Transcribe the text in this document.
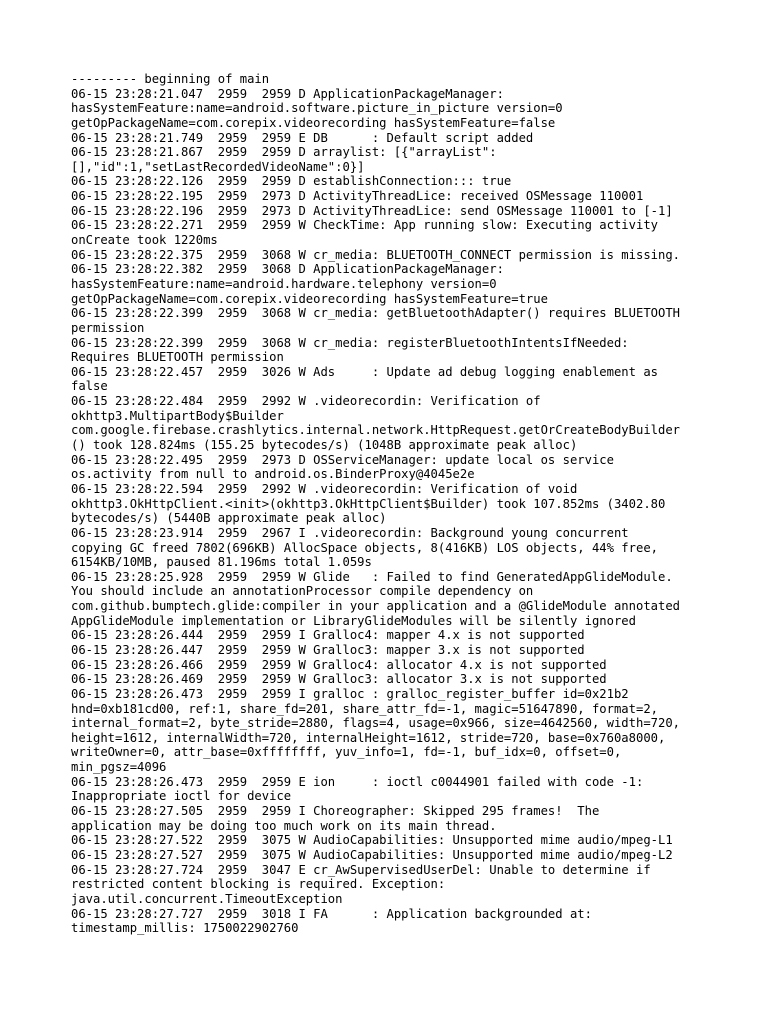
--------- beginning of main
06-15 23:28:21.047  2959  2959 D ApplicationPackageManager:
hasSystemFeature:name=android.software.picture_in_picture version=0
getOpPackageName=com.corepix.videorecording hasSystemFeature=false
06-15 23:28:21.749  2959  2959 E DB      : Default script added
06-15 23:28:21.867  2959  2959 D arraylist: [{"arrayList":
[],"id":1,"setLastRecordedVideoName":0}]
06-15 23:28:22.126  2959  2959 D establishConnection::: true
06-15 23:28:22.195  2959  2973 D ActivityThreadLice: received OSMessage 110001
06-15 23:28:22.196  2959  2973 D ActivityThreadLice: send OSMessage 110001 to [-1]
06-15 23:28:22.271  2959  2959 W CheckTime: App running slow: Executing activity
onCreate took 1220ms
06-15 23:28:22.375  2959  3068 W cr_media: BLUETOOTH_CONNECT permission is missing.
06-15 23:28:22.382  2959  3068 D ApplicationPackageManager:
hasSystemFeature:name=android.hardware.telephony version=0
getOpPackageName=com.corepix.videorecording hasSystemFeature=true
06-15 23:28:22.399  2959  3068 W cr_media: getBluetoothAdapter() requires BLUETOOTH
permission
06-15 23:28:22.399  2959  3068 W cr_media: registerBluetoothIntentsIfNeeded:
Requires BLUETOOTH permission
06-15 23:28:22.457  2959  3026 W Ads     : Update ad debug logging enablement as
false
06-15 23:28:22.484  2959  2992 W .videorecordin: Verification of
okhttp3.MultipartBody$Builder
com.google.firebase.crashlytics.internal.network.HttpRequest.getOrCreateBodyBuilder
() took 128.824ms (155.25 bytecodes/s) (1048B approximate peak alloc)
06-15 23:28:22.495  2959  2973 D OSServiceManager: update local os service
os.activity from null to android.os.BinderProxy@4045e2e
06-15 23:28:22.594  2959  2992 W .videorecordin: Verification of void
okhttp3.OkHttpClient.<init>(okhttp3.OkHttpClient$Builder) took 107.852ms (3402.80
bytecodes/s) (5440B approximate peak alloc)
06-15 23:28:23.914  2959  2967 I .videorecordin: Background young concurrent
copying GC freed 7802(696KB) AllocSpace objects, 8(416KB) LOS objects, 44% free,
6154KB/10MB, paused 81.196ms total 1.059s
06-15 23:28:25.928  2959  2959 W Glide   : Failed to find GeneratedAppGlideModule.
You should include an annotationProcessor compile dependency on
com.github.bumptech.glide:compiler in your application and a @GlideModule annotated
AppGlideModule implementation or LibraryGlideModules will be silently ignored
06-15 23:28:26.444  2959  2959 I Gralloc4: mapper 4.x is not supported
06-15 23:28:26.447  2959  2959 W Gralloc3: mapper 3.x is not supported
06-15 23:28:26.466  2959  2959 W Gralloc4: allocator 4.x is not supported
06-15 23:28:26.469  2959  2959 W Gralloc3: allocator 3.x is not supported
06-15 23:28:26.473  2959  2959 I gralloc : gralloc_register_buffer id=0x21b2
hnd=0xb181cd00, ref:1, share_fd=201, share_attr_fd=-1, magic=51647890, format=2,
internal_format=2, byte_stride=2880, flags=4, usage=0x966, size=4642560, width=720,
height=1612, internalWidth=720, internalHeight=1612, stride=720, base=0x760a8000,
writeOwner=0, attr_base=0xffffffff, yuv_info=1, fd=-1, buf_idx=0, offset=0,
min_pgsz=4096
06-15 23:28:26.473  2959  2959 E ion     : ioctl c0044901 failed with code -1:
Inappropriate ioctl for device
06-15 23:28:27.505  2959  2959 I Choreographer: Skipped 295 frames!  The
application may be doing too much work on its main thread.
06-15 23:28:27.522  2959  3075 W AudioCapabilities: Unsupported mime audio/mpeg-L1
06-15 23:28:27.527  2959  3075 W AudioCapabilities: Unsupported mime audio/mpeg-L2
06-15 23:28:27.724  2959  3047 E cr_AwSupervisedUserDel: Unable to determine if
restricted content blocking is required. Exception:
java.util.concurrent.TimeoutException
06-15 23:28:27.727  2959  3018 I FA      : Application backgrounded at:
timestamp_millis: 1750022902760
